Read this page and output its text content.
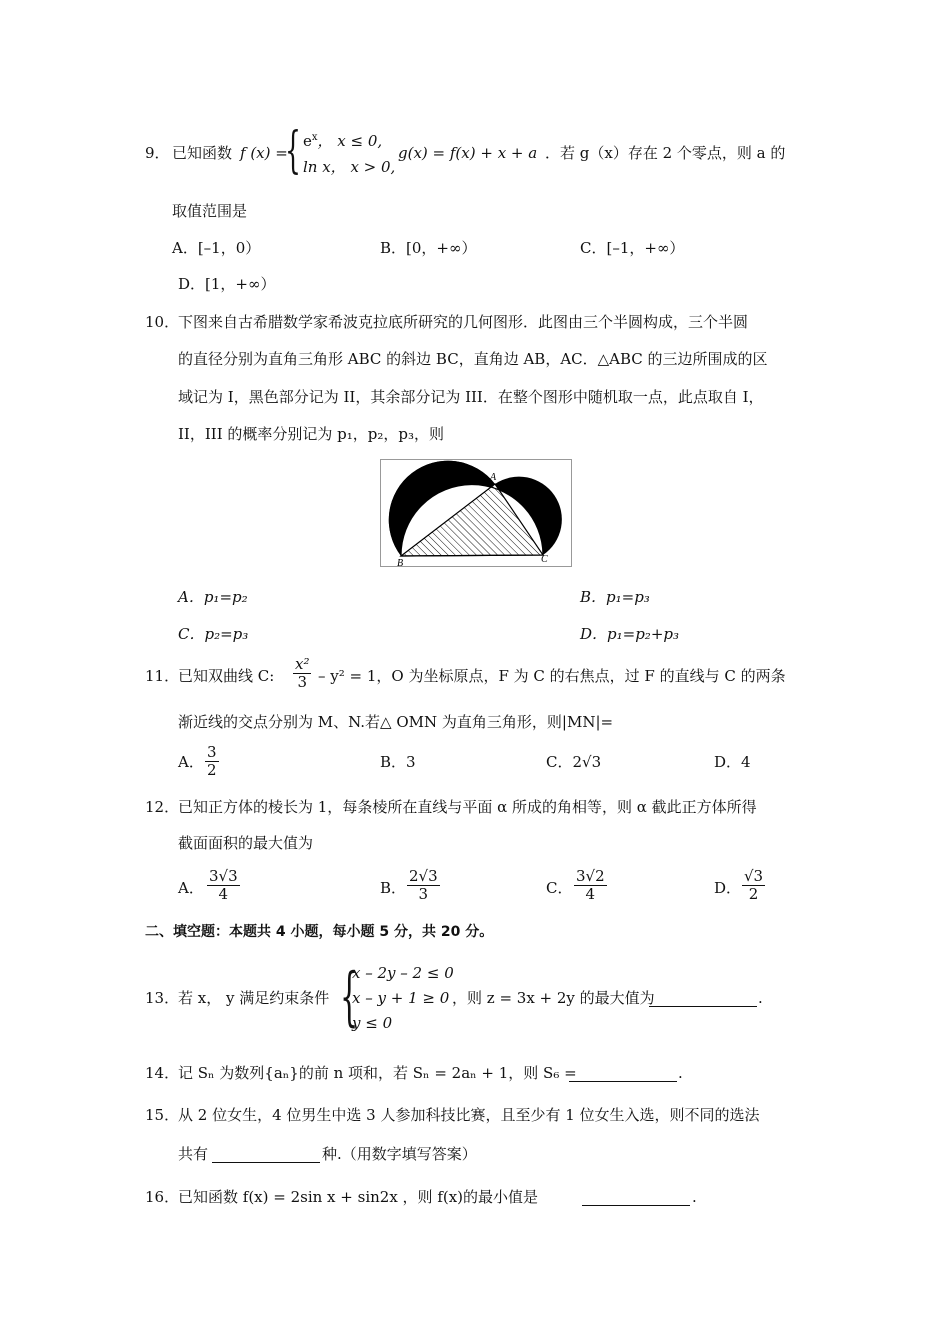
9． 已知函数 f (x) =
{ $e^x$， x ≤ 0,
ln x， x > 0,
g(x) = f(x) + x + a ．若 g（x）存在 2 个零点，则 a 的
取值范围是
A．[–1，0）	B．[0，+∞）	C．[–1，+∞）
D．[1，+∞）
10．
下图来自古希腊数学家希波克拉底所研究的几何图形．此图由三个半圆构成，三个半圆
的直径分别为直角三角形 ABC 的斜边 BC，直角边 AB，AC．△ABC 的三边所围成的区
域记为 I，黑色部分记为 II，其余部分记为 III．在整个图形中随机取一点，此点取自 I，
II，III 的概率分别记为 p₁，p₂，p₃，则
A
B	C
A．p₁=p₂	B．p₁=p₃
C．p₂=p₃	D．p₁=p₂+p₃
11．
已知双曲线 C: $\frac{\text{x²}}{3} - y^2 = 1$，O 为坐标原点，F 为 C 的右焦点，过 F 的直线与 C 的两条
渐近线的交点分别为 M、N.若△ OMN 为直角三角形，则|MN|=
A． $\frac{3}{2}$	B．3	C．2√3	D．4
12．
已知正方体的棱长为 1，每条棱所在直线与平面 α 所成的角相等，则 α 截此正方体所得
截面面积的最大值为
A． $\frac{3√3}{4}$	B． $\frac{2√3}{3}$	C． $\frac{3√2}{4}$	D． $\frac{√3}{2}$
二、填空题：本题共 4 小题，每小题 5 分，共 20 分。
13．
若 x， y 满足约束条件 {
x – 2y – 2 ≤ 0
x – y + 1 ≥ 0
y ≤ 0
，则 z = 3x + 2y 的最大值为	.
14．
记 Sₙ 为数列{aₙ}的前 n 项和，若 Sₙ = 2aₙ + 1，则 S₆ =	.
15．
从 2 位女生，4 位男生中选 3 人参加科技比赛，且至少有 1 位女生入选，则不同的选法
共有	种.（用数字填写答案）
16．
已知函数 f(x) = 2sin x + sin2x ，则 f(x)的最小值是	.
